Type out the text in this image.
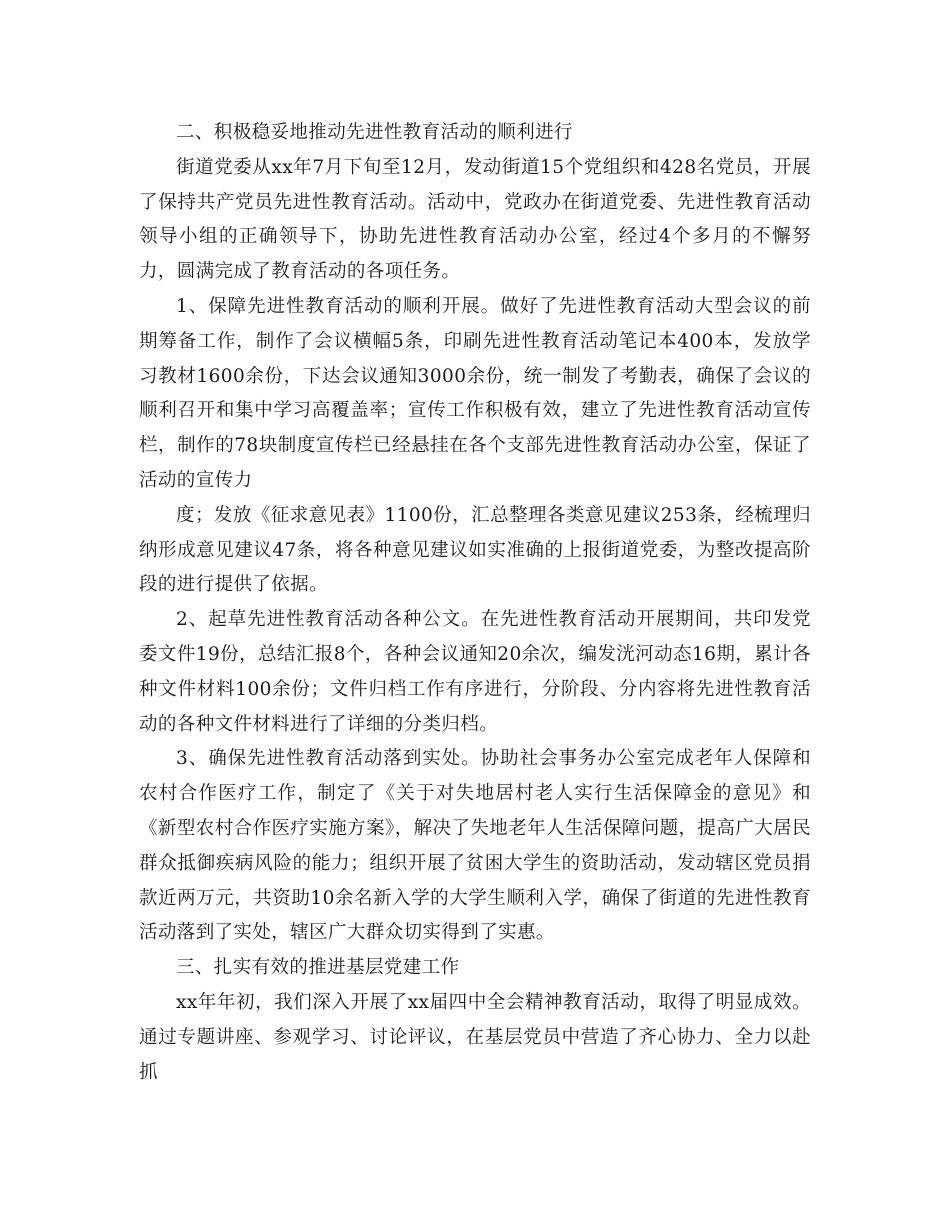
二、积极稳妥地推动先进性教育活动的顺利进行

街道党委从xx年7月下旬至12月，发动街道15个党组织和428名党员，开展了保持共产党员先进性教育活动。活动中，党政办在街道党委、先进性教育活动领导小组的正确领导下，协助先进性教育活动办公室，经过4个多月的不懈努力，圆满完成了教育活动的各项任务。

1、保障先进性教育活动的顺利开展。做好了先进性教育活动大型会议的前期筹备工作，制作了会议横幅5条，印刷先进性教育活动笔记本400本，发放学习教材1600余份，下达会议通知3000余份，统一制发了考勤表，确保了会议的顺利召开和集中学习高覆盖率；宣传工作积极有效，建立了先进性教育活动宣传栏，制作的78块制度宣传栏已经悬挂在各个支部先进性教育活动办公室，保证了活动的宣传力

度；发放《征求意见表》1100份，汇总整理各类意见建议253条，经梳理归纳形成意见建议47条，将各种意见建议如实准确的上报街道党委，为整改提高阶段的进行提供了依据。

2、起草先进性教育活动各种公文。在先进性教育活动开展期间，共印发党委文件19份，总结汇报8个，各种会议通知20余次，编发洸河动态16期，累计各种文件材料100余份；文件归档工作有序进行，分阶段、分内容将先进性教育活动的各种文件材料进行了详细的分类归档。

3、确保先进性教育活动落到实处。协助社会事务办公室完成老年人保障和农村合作医疗工作，制定了《关于对失地居村老人实行生活保障金的意见》和《新型农村合作医疗实施方案》，解决了失地老年人生活保障问题，提高广大居民群众抵御疾病风险的能力；组织开展了贫困大学生的资助活动，发动辖区党员捐款近两万元，共资助10余名新入学的大学生顺利入学，确保了街道的先进性教育活动落到了实处，辖区广大群众切实得到了实惠。

三、扎实有效的推进基层党建工作

xx年年初，我们深入开展了xx届四中全会精神教育活动，取得了明显成效。通过专题讲座、参观学习、讨论评议，在基层党员中营造了齐心协力、全力以赴抓
